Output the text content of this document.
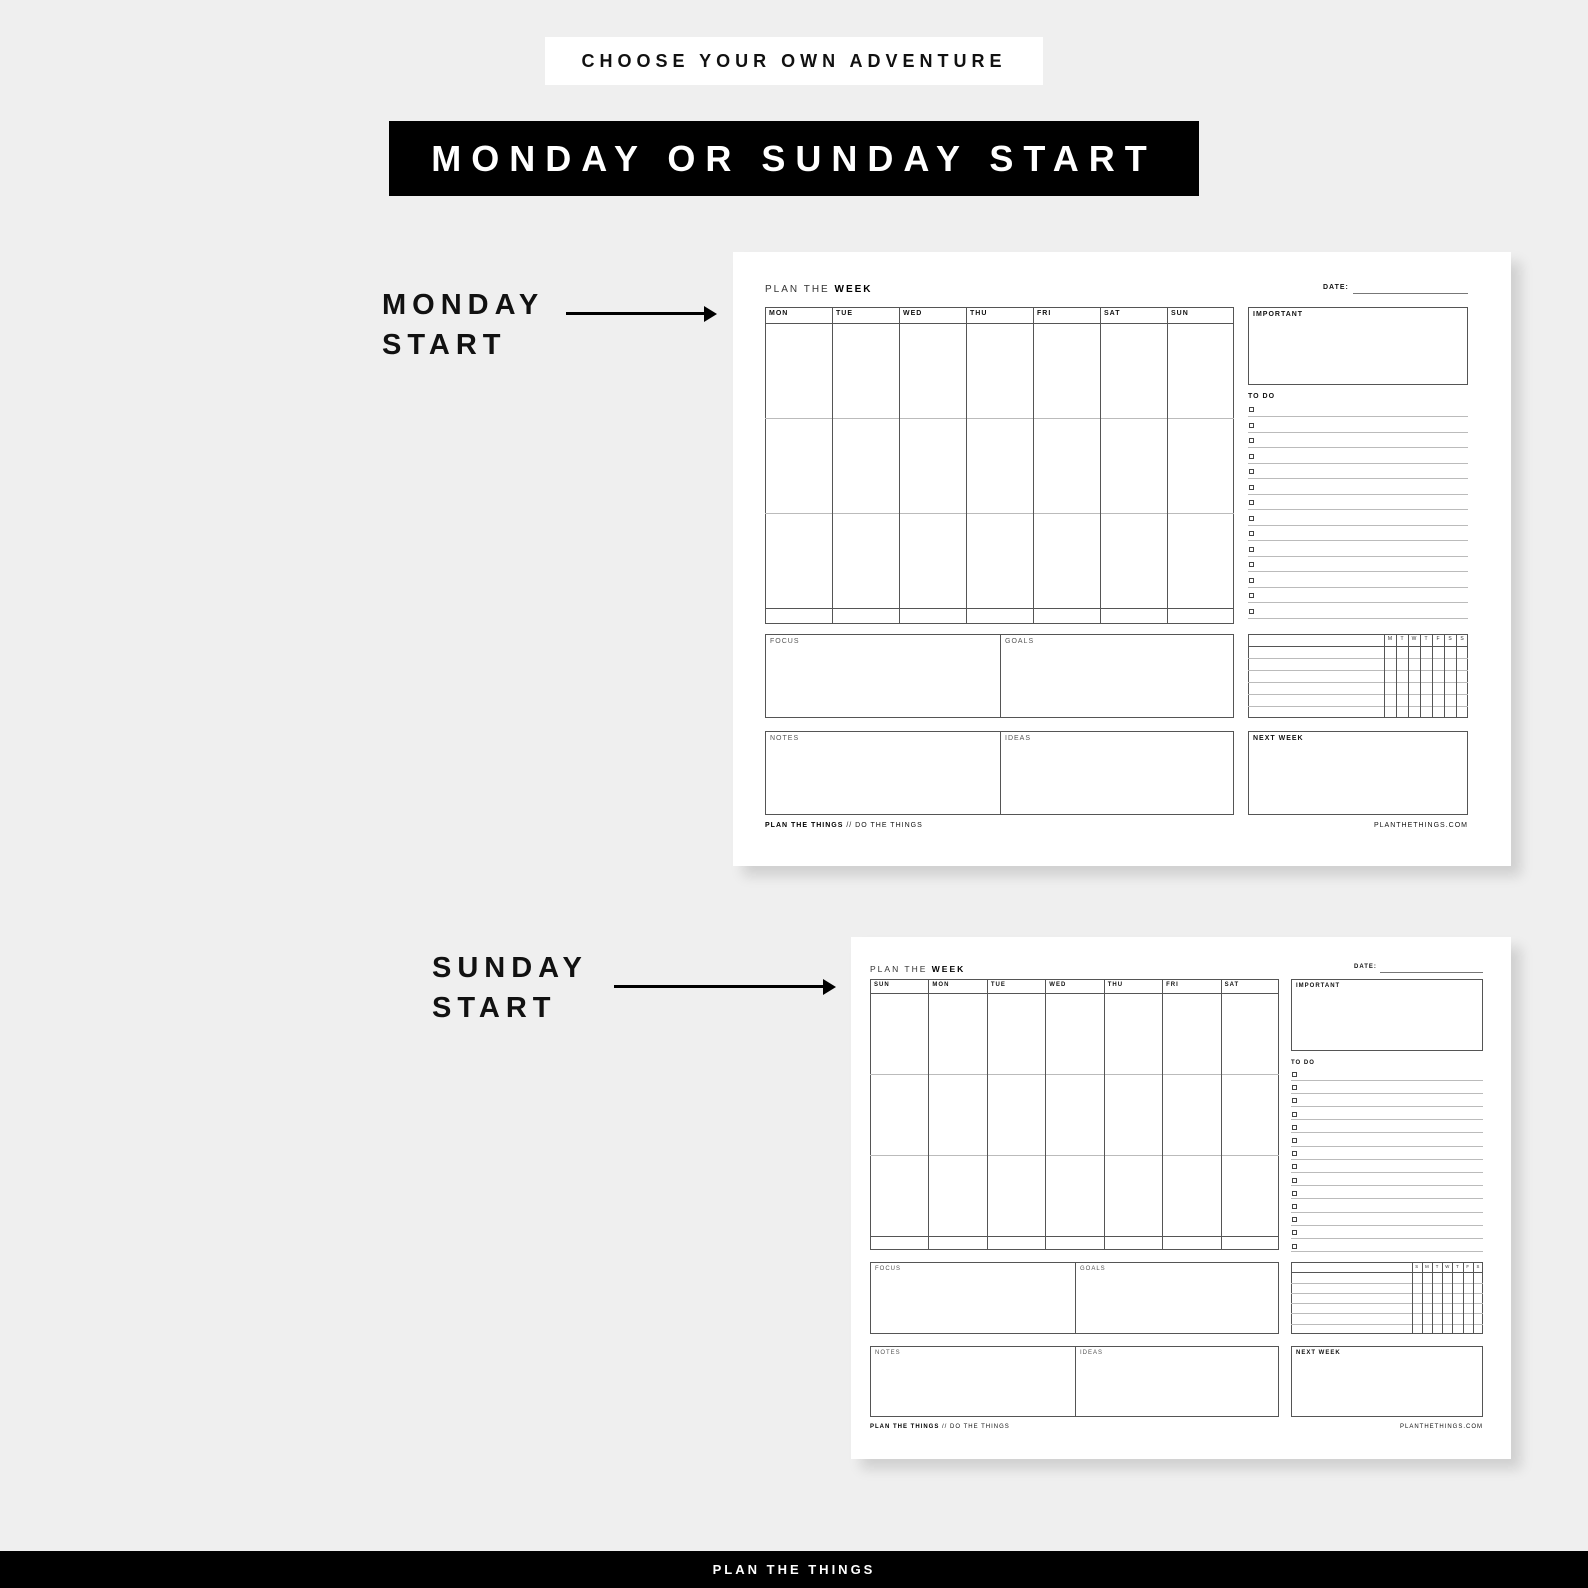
CHOOSE YOUR OWN ADVENTURE
MONDAY OR SUNDAY START
MONDAY
START
SUNDAY
START
PLAN THE WEEK	DATE:
MON	TUE	WED	THU	FRI	SAT	SUN	IMPORTANT
TO DO
FOCUS	GOALS
NOTES	IDEAS
M	T	W	T	F	S	S
NEXT WEEK
PLAN THE THINGS // DO THE THINGS	PLANTHETHINGS.COM
PLAN THE WEEK	DATE:
SUN	MON	TUE	WED	THU	FRI	SAT	IMPORTANT
TO DO
FOCUS	GOALS
NOTES	IDEAS
S	M	T	W	T	F	S
NEXT WEEK
PLAN THE THINGS // DO THE THINGS	PLANTHETHINGS.COM
PLAN THE THINGS
